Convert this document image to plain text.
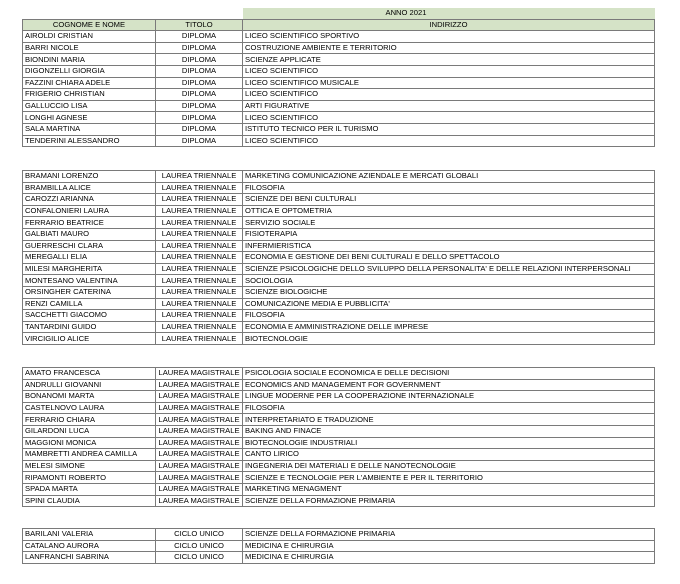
		ANNO 2021
COGNOME E NOME	TITOLO	INDIRIZZO
AIROLDI CRISTIAN	DIPLOMA	LICEO SCIENTIFICO SPORTIVO
BARRI NICOLE	DIPLOMA	COSTRUZIONE AMBIENTE E TERRITORIO
BIONDINI MARIA	DIPLOMA	SCIENZE APPLICATE
DIGONZELLI GIORGIA	DIPLOMA	LICEO SCIENTIFICO
FAZZINI CHIARA ADELE	DIPLOMA	LICEO SCIENTIFICO MUSICALE
FRIGERIO CHRISTIAN	DIPLOMA	LICEO SCIENTIFICO
GALLUCCIO LISA	DIPLOMA	ARTI FIGURATIVE
LONGHI AGNESE	DIPLOMA	LICEO SCIENTIFICO
SALA MARTINA	DIPLOMA	ISTITUTO TECNICO PER IL TURISMO
TENDERINI ALESSANDRO	DIPLOMA	LICEO SCIENTIFICO
BRAMANI LORENZO	LAUREA TRIENNALE	MARKETING COMUNICAZIONE AZIENDALE E MERCATI GLOBALI
BRAMBILLA ALICE	LAUREA TRIENNALE	FILOSOFIA
CAROZZI ARIANNA	LAUREA TRIENNALE	SCIENZE DEI BENI CULTURALI
CONFALONIERI LAURA	LAUREA TRIENNALE	OTTICA E OPTOMETRIA
FERRARIO BEATRICE	LAUREA TRIENNALE	SERVIZIO SOCIALE
GALBIATI MAURO	LAUREA TRIENNALE	FISIOTERAPIA
GUERRESCHI CLARA	LAUREA TRIENNALE	INFERMIERISTICA
MEREGALLI ELIA	LAUREA TRIENNALE	ECONOMIA E GESTIONE DEI BENI CULTURALI E DELLO SPETTACOLO
MILESI MARGHERITA	LAUREA TRIENNALE	SCIENZE PSICOLOGICHE DELLO SVILUPPO DELLA PERSONALITA' E DELLE RELAZIONI INTERPERSONALI
MONTESANO VALENTINA	LAUREA TRIENNALE	SOCIOLOGIA
ORSINGHER CATERINA	LAUREA TRIENNALE	SCIENZE BIOLOGICHE
RENZI CAMILLA	LAUREA TRIENNALE	COMUNICAZIONE MEDIA E PUBBLICITA'
SACCHETTI GIACOMO	LAUREA TRIENNALE	FILOSOFIA
TANTARDINI GUIDO	LAUREA TRIENNALE	ECONOMIA E AMMINISTRAZIONE DELLE IMPRESE
VIRCIGILIO ALICE	LAUREA TRIENNALE	BIOTECNOLOGIE
AMATO FRANCESCA	LAUREA MAGISTRALE	PSICOLOGIA SOCIALE ECONOMICA E DELLE DECISIONI
ANDRULLI GIOVANNI	LAUREA MAGISTRALE	ECONOMICS AND MANAGEMENT FOR GOVERNMENT
BONANOMI MARTA	LAUREA MAGISTRALE	LINGUE MODERNE PER LA COOPERAZIONE INTERNAZIONALE
CASTELNOVO LAURA	LAUREA MAGISTRALE	FILOSOFIA
FERRARIO CHIARA	LAUREA MAGISTRALE	INTERPRETARIATO E TRADUZIONE
GILARDONI LUCA	LAUREA MAGISTRALE	BAKING AND FINACE
MAGGIONI MONICA	LAUREA MAGISTRALE	BIOTECNOLOGIE INDUSTRIALI
MAMBRETTI ANDREA CAMILLA	LAUREA MAGISTRALE	CANTO LIRICO
MELESI SIMONE	LAUREA MAGISTRALE	INGEGNERIA DEI MATERIALI E DELLE NANOTECNOLOGIE
RIPAMONTI ROBERTO	LAUREA MAGISTRALE	SCIENZE E TECNOLOGIE PER L'AMBIENTE E PER IL TERRITORIO
SPADA MARTA	LAUREA MAGISTRALE	MARKETING MENAGMENT
SPINI CLAUDIA	LAUREA MAGISTRALE	SCIENZE DELLA FORMAZIONE PRIMARIA
BARILANI VALERIA	CICLO UNICO	SCIENZE DELLA FORMAZIONE PRIMARIA
CATALANO AURORA	CICLO UNICO	MEDICINA E CHIRURGIA
LANFRANCHI SABRINA	CICLO UNICO	MEDICINA E CHIRURGIA
